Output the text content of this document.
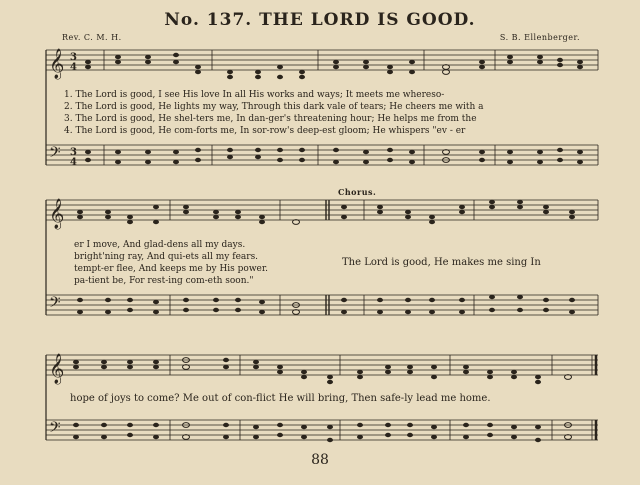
𝄞
𝄢
𝄞
𝄢
𝄞
𝄢
3
4
3
4
No. 137. THE LORD IS GOOD.
Rev. C. M. H.	S. B. Ellenberger.
1. The Lord is good, I see His love In all His works and ways; It meets me whereso-
2. The Lord is good, He lights my way, Through this dark vale of tears; He cheers me with a
3. The Lord is good, He shel-ters me, In dan-ger's threatening hour; He helps me from the
4. The Lord is good, He com-forts me, In sor-row's deep-est gloom; He whispers "ev - er
Chorus.
er I move, And glad-dens all my days.
bright'ning ray, And qui-ets all my fears.
tempt-er flee, And keeps me by His power.
pa-tient be, For rest-ing com-eth soon."
The Lord is good, He makes me sing In
hope of joys to come? Me out of con-flict He will bring, Then safe-ly lead me home.
88
